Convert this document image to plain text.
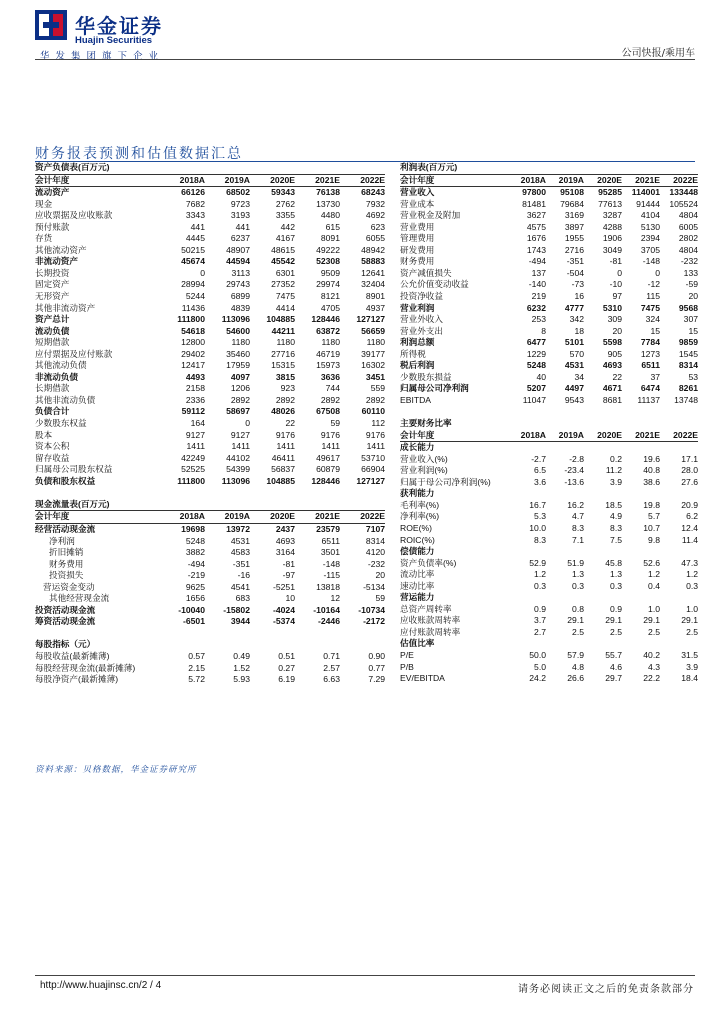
华金证券
Huajin Securities
华发集团旗下企业	公司快报/乘用车
财务报表预测和估值数据汇总
资产负债表(百万元)					
会计年度	2018A	2019A	2020E	2021E	2022E
流动资产	66126	68502	59343	76138	68243
现金	7682	9723	2762	13730	7932
应收票据及应收账款	3343	3193	3355	4480	4692
预付账款	441	441	442	615	623
存货	4445	6237	4167	8091	6055
其他流动资产	50215	48907	48615	49222	48942
非流动资产	45674	44594	45542	52308	58883
长期投资	0	3113	6301	9509	12641
固定资产	28994	29743	27352	29974	32404
无形资产	5244	6899	7475	8121	8901
其他非流动资产	11436	4839	4414	4705	4937
资产总计	111800	113096	104885	128446	127127
流动负债	54618	54600	44211	63872	56659
短期借款	12800	1180	1180	1180	1180
应付票据及应付账款	29402	35460	27716	46719	39177
其他流动负债	12417	17959	15315	15973	16302
非流动负债	4493	4097	3815	3636	3451
长期借款	2158	1206	923	744	559
其他非流动负债	2336	2892	2892	2892	2892
负债合计	59112	58697	48026	67508	60110
少数股东权益	164	0	22	59	112
股本	9127	9127	9176	9176	9176
资本公积	1411	1411	1411	1411	1411
留存收益	42249	44102	46411	49617	53710
归属母公司股东权益	52525	54399	56837	60879	66904
负债和股东权益	111800	113096	104885	128446	127127

现金流量表(百万元)					
会计年度	2018A	2019A	2020E	2021E	2022E
经营活动现金流	19698	13972	2437	23579	7107
净利润	5248	4531	4693	6511	8314
折旧摊销	3882	4583	3164	3501	4120
财务费用	-494	-351	-81	-148	-232
投资损失	-219	-16	-97	-115	20
营运资金变动	9625	4541	-5251	13818	-5134
其他经营现金流	1656	683	10	12	59
投资活动现金流	-10040	-15802	-4024	-10164	-10734
筹资活动现金流	-6501	3944	-5374	-2446	-2172

每股指标（元）					
每股收益(最新摊薄)	0.57	0.49	0.51	0.71	0.90
每股经营现金流(最新摊薄)	2.15	1.52	0.27	2.57	0.77
每股净资产(最新摊薄)	5.72	5.93	6.19	6.63	7.29
利润表(百万元)					
会计年度	2018A	2019A	2020E	2021E	2022E
营业收入	97800	95108	95285	114001	133448
营业成本	81481	79684	77613	91444	105524
营业税金及附加	3627	3169	3287	4104	4804
营业费用	4575	3897	4288	5130	6005
管理费用	1676	1955	1906	2394	2802
研发费用	1743	2716	3049	3705	4804
财务费用	-494	-351	-81	-148	-232
资产减值损失	137	-504	0	0	133
公允价值变动收益	-140	-73	-10	-12	-59
投资净收益	219	16	97	115	20
营业利润	6232	4777	5310	7475	9568
营业外收入	253	342	309	324	307
营业外支出	8	18	20	15	15
利润总额	6477	5101	5598	7784	9859
所得税	1229	570	905	1273	1545
税后利润	5248	4531	4693	6511	8314
少数股东损益	40	34	22	37	53
归属母公司净利润	5207	4497	4671	6474	8261
EBITDA	11047	9543	8681	11137	13748

主要财务比率					
会计年度	2018A	2019A	2020E	2021E	2022E
成长能力					
营业收入(%)	-2.7	-2.8	0.2	19.6	17.1
营业利润(%)	6.5	-23.4	11.2	40.8	28.0
归属于母公司净利润(%)	3.6	-13.6	3.9	38.6	27.6
获利能力					
毛利率(%)	16.7	16.2	18.5	19.8	20.9
净利率(%)	5.3	4.7	4.9	5.7	6.2
ROE(%)	10.0	8.3	8.3	10.7	12.4
ROIC(%)	8.3	7.1	7.5	9.8	11.4
偿债能力					
资产负债率(%)	52.9	51.9	45.8	52.6	47.3
流动比率	1.2	1.3	1.3	1.2	1.2
速动比率	0.3	0.3	0.3	0.4	0.3
营运能力					
总资产周转率	0.9	0.8	0.9	1.0	1.0
应收账款周转率	3.7	29.1	29.1	29.1	29.1
应付账款周转率	2.7	2.5	2.5	2.5	2.5
估值比率					
P/E	50.0	57.9	55.7	40.2	31.5
P/B	5.0	4.8	4.6	4.3	3.9
EV/EBITDA	24.2	26.6	29.7	22.2	18.4
资料来源：贝格数据，华金证券研究所
http://www.huajinsc.cn/2 / 4	请务必阅读正文之后的免责条款部分
